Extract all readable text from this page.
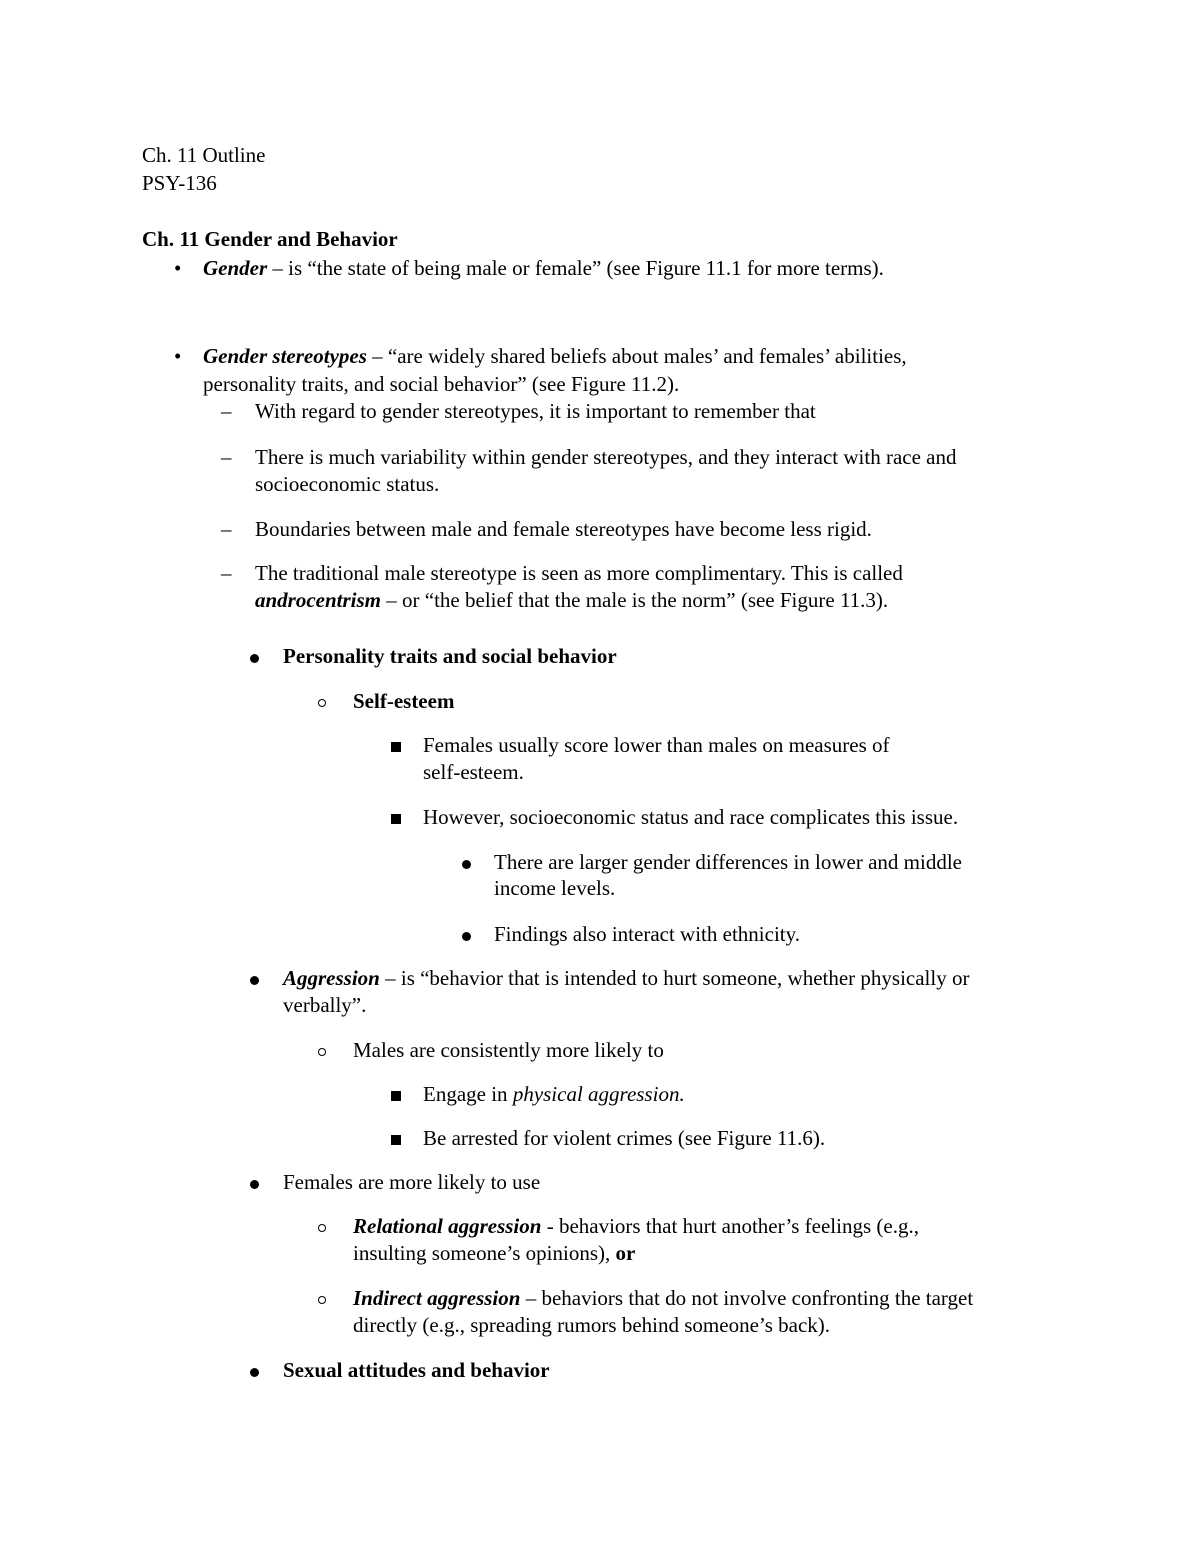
Ch. 11 Outline

PSY-136

Ch. 11 Gender and Behavior

• Gender – is “the state of being male or female” (see Figure 11.1 for more terms).

• Gender stereotypes – “are widely shared beliefs about males’ and females’ abilities,

personality traits, and social behavior” (see Figure 11.2).

– With regard to gender stereotypes, it is important to remember that

– There is much variability within gender stereotypes, and they interact with race and

socioeconomic status.

– Boundaries between male and female stereotypes have become less rigid.

– The traditional male stereotype is seen as more complimentary. This is called

androcentrism – or “the belief that the male is the norm” (see Figure 11.3).

Personality traits and social behavior

Self-esteem

Females usually score lower than males on measures of

self-esteem.

However, socioeconomic status and race complicates this issue.

There are larger gender differences in lower and middle

income levels.

Findings also interact with ethnicity.

Aggression – is “behavior that is intended to hurt someone, whether physically or

verbally”.

Males are consistently more likely to

Engage in physical aggression.

Be arrested for violent crimes (see Figure 11.6).

Females are more likely to use

Relational aggression - behaviors that hurt another’s feelings (e.g.,

insulting someone’s opinions), or

Indirect aggression – behaviors that do not involve confronting the target

directly (e.g., spreading rumors behind someone’s back).

Sexual attitudes and behavior
